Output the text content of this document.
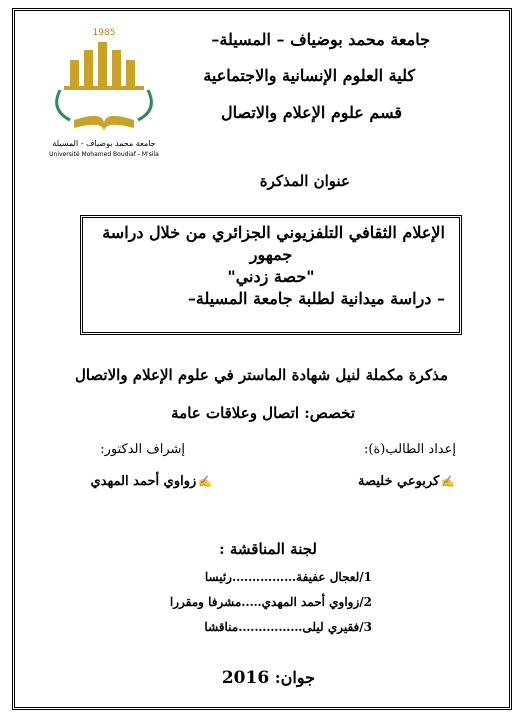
1985
جامعة محمد بوضياف - المسيلة
Université Mohamed Boudiaf - M'sila
جامعة محمد بوضياف – المسيلة–
كلية العلوم الإنسانية والاجتماعية
قسم علوم الإعلام والاتصال
عنوان المذكرة
الإعلام الثقافي التلفزيوني الجزائري من خلال دراسة
جمهور
"حصة زدني"
– دراسة ميدانية لطلبة جامعة المسيلة–
مذكرة مكملة لنيل شهادة الماستر في علوم الإعلام والاتصال
تخصص: اتصال وعلاقات عامة
إعداد الطالب(ة):
إشراف الدكتور:
✍كربوعي خليصة
✍زواوي أحمد المهدي
لجنة المناقشة :
1/لعجال عفيفة…………….رئيسا
2/زواوي أحمد المهدي…..مشرفا ومقررا
3/فقيري ليلى…………….مناقشا
جوان: 2016
